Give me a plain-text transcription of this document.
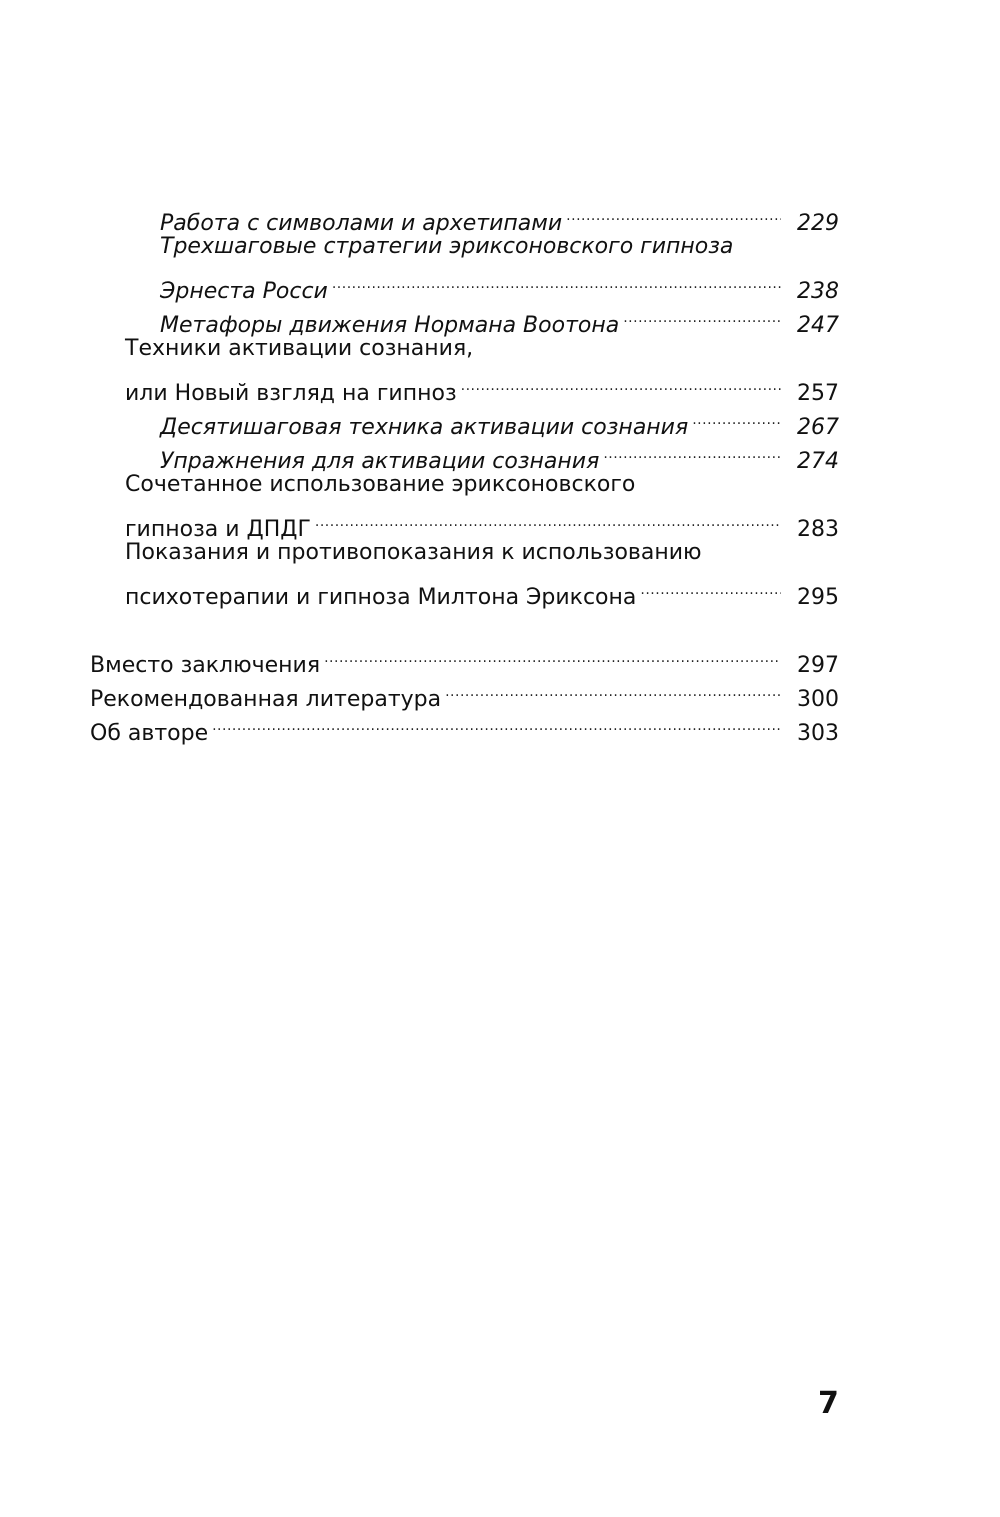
Работа с символами и архетипами .....	229
Трехшаговые стратегии эриксоновского гипноза
Эрнеста Росси .....	238
Метафоры движения Нормана Воотона .....	247
Техники активации сознания,
или Новый взгляд на гипноз .....	257
Десятишаговая техника активации сознания .....	267
Упражнения для активации сознания .....	274
Сочетанное использование эриксоновского
гипноза и ДПДГ .....	283
Показания и противопоказания к использованию
психотерапии и гипноза Милтона Эриксона .....	295
Вместо заключения .....	297
Рекомендованная литература .....	300
Об авторе .....	303
7
